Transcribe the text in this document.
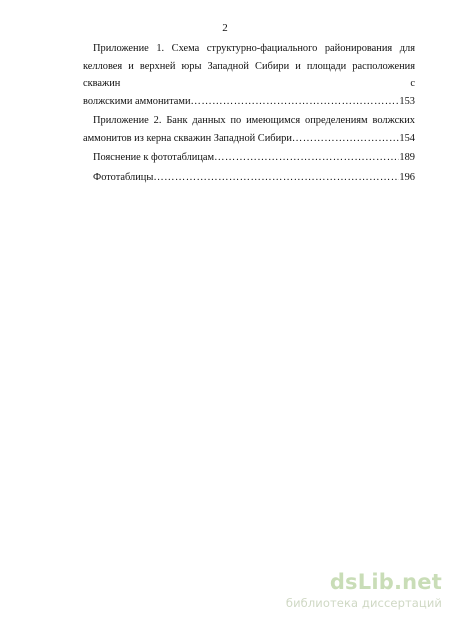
2
Приложение 1. Схема структурно-фациального районирования для
келловея и верхней юры Западной Сибири и площади расположения скважин с
волжскими аммонитами ……………………………………………………………………………………………………………………	153
Приложение 2. Банк данных по имеющимся определениям волжских
аммонитов из керна скважин Западной Сибири ……………………………………………………………………………………………………………………	154
Пояснение к фототаблицам ……………………………………………………………………………………………………………………	189
Фототаблицы ……………………………………………………………………………………………………………………	196
dsLib .net
библиотека диссертаций
